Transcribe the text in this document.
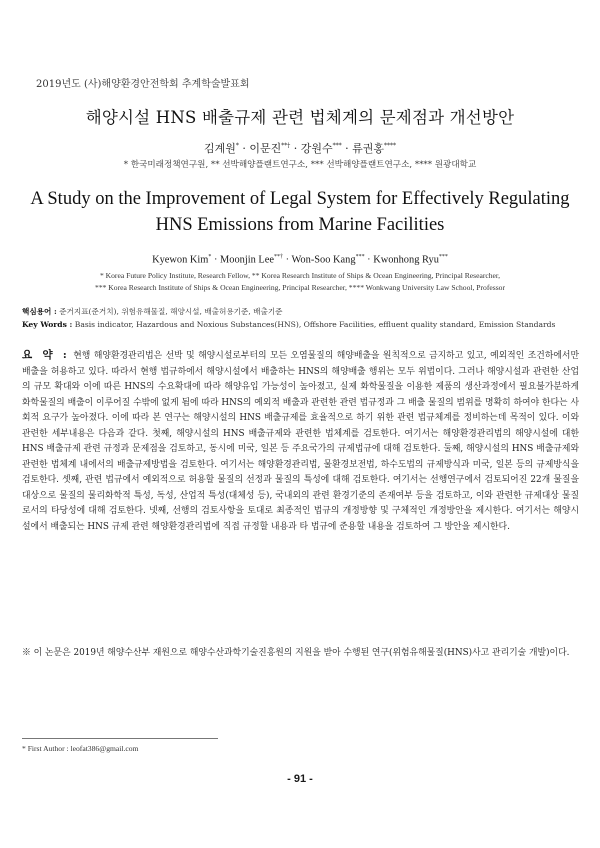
2019년도 (사)해양환경안전학회 추계학술발표회
해양시설 HNS 배출규제 관련 법체계의 문제점과 개선방안
김계원* · 이문진**† · 강원수*** · 류권홍****
* 한국미래정책연구원, ** 선박해양플랜트연구소, *** 선박해양플랜트연구소, **** 원광대학교
A Study on the Improvement of Legal System for Effectively Regulating
HNS Emissions from Marine Facilities
Kyewon Kim* · Moonjin Lee**† · Won-Soo Kang*** · Kwonhong Ryu***
* Korea Future Policy Institute, Research Fellow, ** Korea Research Institute of Ships & Ocean Engineering, Principal Researcher,
*** Korea Research Institute of Ships & Ocean Engineering, Principal Researcher, **** Wonkwang University Law School, Professor
핵심용어 : 준거지표(준거치), 위험유해물질, 해양시설, 배출허용기준, 배출기준
Key Words : Basis indicator, Hazardous and Noxious Substances(HNS), Offshore Facilities, effluent quality standard, Emission Standards
요 약 : 현행 해양환경관리법은 선박 및 해양시설로부터의 모든 오염물질의 해양배출을 원칙적으로 금지하고 있고, 예외적인 조건하에서만 배출을 허용하고 있다. 따라서 현행 법규하에서 해양시설에서 배출하는 HNS의 해양배출 행위는 모두 위법이다. 그러나 해양시설과 관련한 산업의 규모 확대와 이에 따른 HNS의 수요확대에 따라 해양유입 가능성이 높아졌고, 실제 화학물질을 이용한 제품의 생산과정에서 필요불가분하게 화학물질의 배출이 이루어질 수밖에 없게 됨에 따라 HNS의 예외적 배출과 관련한 관련 법규정과 그 배출 물질의 범위를 명확히 하여야 한다는 사회적 요구가 높아졌다. 이에 따라 본 연구는 해양시설의 HNS 배출규제를 효율적으로 하기 위한 관련 법규체계를 정비하는데 목적이 있다. 이와 관련한 세부내용은 다음과 같다. 첫째, 해양시설의 HNS 배출규제와 관련한 법체계를 검토한다. 여기서는 해양환경관리법의 해양시설에 대한 HNS 배출규제 관련 규정과 문제점을 검토하고, 동시에 미국, 일본 등 주요국가의 규제법규에 대해 검토한다. 둘째, 해양시설의 HNS 배출규제와 관련한 법체계 내에서의 배출규제방법을 검토한다. 여기서는 해양환경관리법, 물환경보전법, 하수도법의 규제방식과 미국, 일본 등의 규제방식을 검토한다. 셋째, 관련 법규에서 예외적으로 허용할 물질의 선정과 물질의 특성에 대해 검토한다. 여기서는 선행연구에서 검토되어진 22개 물질을 대상으로 물질의 물리화학적 특성, 독성, 산업적 특성(대체성 등), 국내외의 관련 환경기준의 존재여부 등을 검토하고, 이와 관련한 규제대상 물질로서의 타당성에 대해 검토한다. 넷째, 선행의 검토사항을 토대로 최종적인 법규의 개정방향 및 구체적인 개정방안을 제시한다. 여기서는 해양시설에서 배출되는 HNS 규제 관련 해양환경관리법에 직접 규정할 내용과 타 법규에 준용할 내용을 검토하여 그 방안을 제시한다.
※ 이 논문은 2019년 해양수산부 재원으로 해양수산과학기술진흥원의 지원을 받아 수행된 연구(위험유해물질(HNS)사고 관리기술 개발)이다.
* First Author : leofat386@gmail.com
- 91 -
